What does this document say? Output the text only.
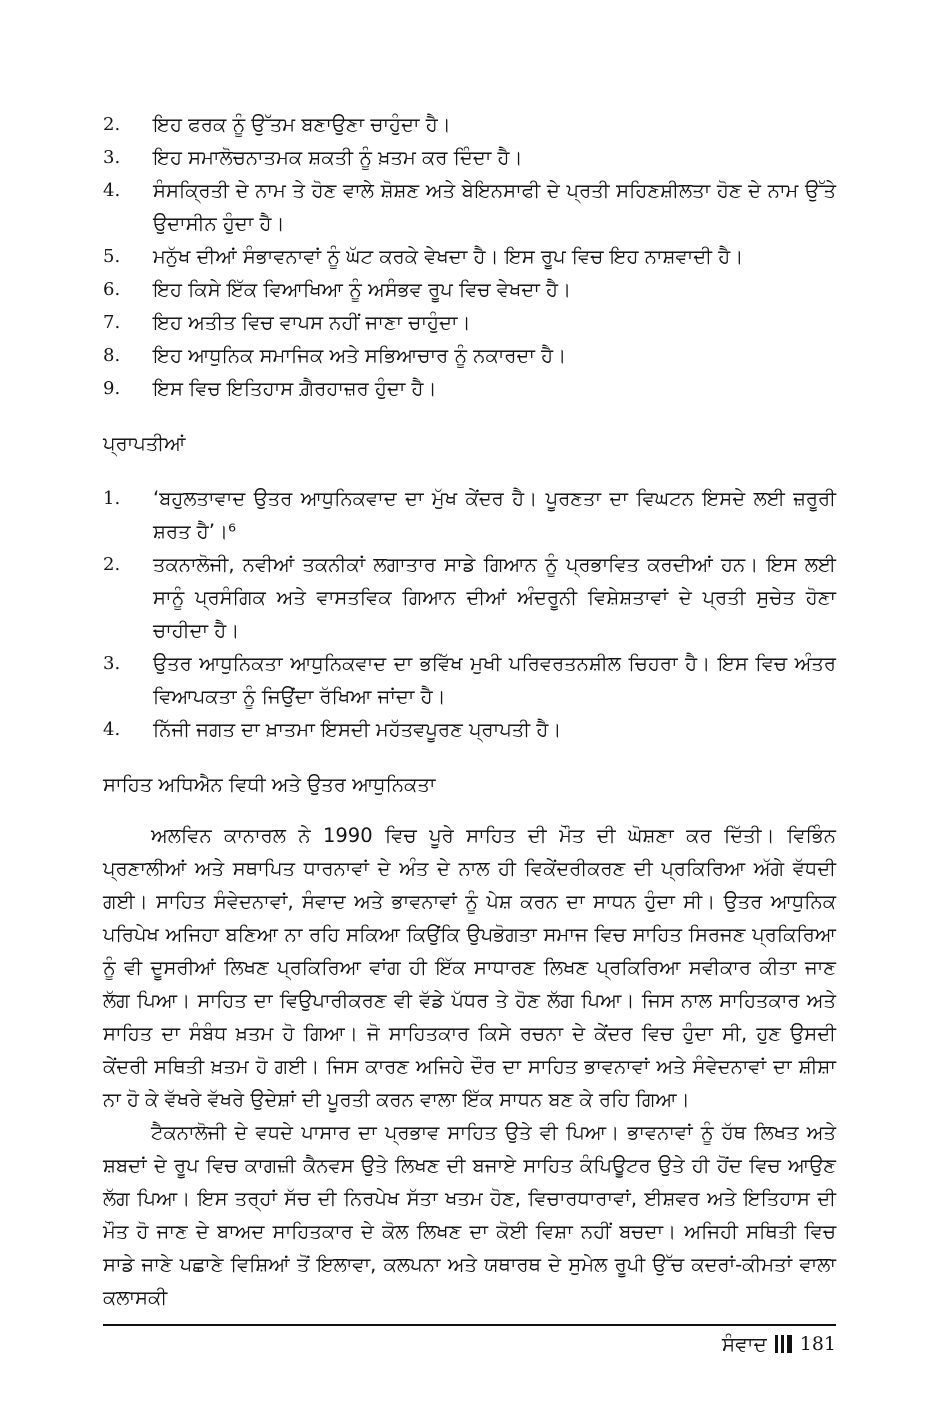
2.	ਇਹ ਫਰਕ ਨੂੰ ਉੱਤਮ ਬਣਾਉਣਾ ਚਾਹੁੰਦਾ ਹੈ।
3.	ਇਹ ਸਮਾਲੋਚਨਾਤਮਕ ਸ਼ਕਤੀ ਨੂੰ ਖ਼ਤਮ ਕਰ ਦਿੰਦਾ ਹੈ।
4.	ਸੰਸਕ੍ਰਿਤੀ ਦੇ ਨਾਮ ਤੇ ਹੋਣ ਵਾਲੇ ਸ਼ੋਸ਼ਣ ਅਤੇ ਬੇਇਨਸਾਫੀ ਦੇ ਪ੍ਰਤੀ ਸਹਿਣਸ਼ੀਲਤਾ ਹੋਣ ਦੇ ਨਾਮ ਉੱਤੇ ਉਦਾਸੀਨ ਹੁੰਦਾ ਹੈ।
5.	ਮਨੁੱਖ ਦੀਆਂ ਸੰਭਾਵਨਾਵਾਂ ਨੂੰ ਘੱਟ ਕਰਕੇ ਵੇਖਦਾ ਹੈ। ਇਸ ਰੂਪ ਵਿਚ ਇਹ ਨਾਸ਼ਵਾਦੀ ਹੈ।
6.	ਇਹ ਕਿਸੇ ਇੱਕ ਵਿਆਖਿਆ ਨੂੰ ਅਸੰਭਵ ਰੂਪ ਵਿਚ ਵੇਖਦਾ ਹੈ।
7.	ਇਹ ਅਤੀਤ ਵਿਚ ਵਾਪਸ ਨਹੀਂ ਜਾਣਾ ਚਾਹੁੰਦਾ।
8.	ਇਹ ਆਧੁਨਿਕ ਸਮਾਜਿਕ ਅਤੇ ਸਭਿਆਚਾਰ ਨੂੰ ਨਕਾਰਦਾ ਹੈ।
9.	ਇਸ ਵਿਚ ਇਤਿਹਾਸ ਗ਼ੈਰਹਾਜ਼ਰ ਹੁੰਦਾ ਹੈ।
ਪ੍ਰਾਪਤੀਆਂ
1.	‘ਬਹੁਲਤਾਵਾਦ ਉਤਰ ਆਧੁਨਿਕਵਾਦ ਦਾ ਮੁੱਖ ਕੇਂਦਰ ਹੈ। ਪੂਰਣਤਾ ਦਾ ਵਿਘਟਨ ਇਸਦੇ ਲਈ ਜ਼ਰੂਰੀ ਸ਼ਰਤ ਹੈ’।⁶
2.	ਤਕਨਾਲੋਜੀ, ਨਵੀਆਂ ਤਕਨੀਕਾਂ ਲਗਾਤਾਰ ਸਾਡੇ ਗਿਆਨ ਨੂੰ ਪ੍ਰਭਾਵਿਤ ਕਰਦੀਆਂ ਹਨ। ਇਸ ਲਈ ਸਾਨੂੰ ਪ੍ਰਸੰਗਿਕ ਅਤੇ ਵਾਸਤਵਿਕ ਗਿਆਨ ਦੀਆਂ ਅੰਦਰੂਨੀ ਵਿਸ਼ੇਸ਼ਤਾਵਾਂ ਦੇ ਪ੍ਰਤੀ ਸੁਚੇਤ ਹੋਣਾ ਚਾਹੀਦਾ ਹੈ।
3.	ਉਤਰ ਆਧੁਨਿਕਤਾ ਆਧੁਨਿਕਵਾਦ ਦਾ ਭਵਿੱਖ ਮੁਖੀ ਪਰਿਵਰਤਨਸ਼ੀਲ ਚਿਹਰਾ ਹੈ। ਇਸ ਵਿਚ ਅੰਤਰ ਵਿਆਪਕਤਾ ਨੂੰ ਜਿਉਂਦਾ ਰੱਖਿਆ ਜਾਂਦਾ ਹੈ।
4.	ਨਿੱਜੀ ਜਗਤ ਦਾ ਖ਼ਾਤਮਾ ਇਸਦੀ ਮਹੱਤਵਪੂਰਣ ਪ੍ਰਾਪਤੀ ਹੈ।
ਸਾਹਿਤ ਅਧਿਐਨ ਵਿਧੀ ਅਤੇ ਉਤਰ ਆਧੁਨਿਕਤਾ

ਅਲਵਿਨ ਕਾਨਾਰਲ ਨੇ 1990 ਵਿਚ ਪੂਰੇ ਸਾਹਿਤ ਦੀ ਮੌਤ ਦੀ ਘੋਸ਼ਣਾ ਕਰ ਦਿੱਤੀ। ਵਿਭਿੰਨ ਪ੍ਰਣਾਲੀਆਂ ਅਤੇ ਸਥਾਪਿਤ ਧਾਰਨਾਵਾਂ ਦੇ ਅੰਤ ਦੇ ਨਾਲ ਹੀ ਵਿਕੇਂਦਰੀਕਰਣ ਦੀ ਪ੍ਰਕਿਰਿਆ ਅੱਗੇ ਵੱਧਦੀ ਗਈ। ਸਾਹਿਤ ਸੰਵੇਦਨਾਵਾਂ, ਸੰਵਾਦ ਅਤੇ ਭਾਵਨਾਵਾਂ ਨੂੰ ਪੇਸ਼ ਕਰਨ ਦਾ ਸਾਧਨ ਹੁੰਦਾ ਸੀ। ਉਤਰ ਆਧੁਨਿਕ ਪਰਿਪੇਖ ਅਜਿਹਾ ਬਣਿਆ ਨਾ ਰਹਿ ਸਕਿਆ ਕਿਉਂਕਿ ਉਪਭੋਗਤਾ ਸਮਾਜ ਵਿਚ ਸਾਹਿਤ ਸਿਰਜਣ ਪ੍ਰਕਿਰਿਆ ਨੂੰ ਵੀ ਦੂਸਰੀਆਂ ਲਿਖਣ ਪ੍ਰਕਿਰਿਆ ਵਾਂਗ ਹੀ ਇੱਕ ਸਾਧਾਰਣ ਲਿਖਣ ਪ੍ਰਕਿਰਿਆ ਸਵੀਕਾਰ ਕੀਤਾ ਜਾਣ ਲੱਗ ਪਿਆ। ਸਾਹਿਤ ਦਾ ਵਿਉਪਾਰੀਕਰਣ ਵੀ ਵੱਡੇ ਪੱਧਰ ਤੇ ਹੋਣ ਲੱਗ ਪਿਆ। ਜਿਸ ਨਾਲ ਸਾਹਿਤਕਾਰ ਅਤੇ ਸਾਹਿਤ ਦਾ ਸੰਬੰਧ ਖ਼ਤਮ ਹੋ ਗਿਆ। ਜੋ ਸਾਹਿਤਕਾਰ ਕਿਸੇ ਰਚਨਾ ਦੇ ਕੇਂਦਰ ਵਿਚ ਹੁੰਦਾ ਸੀ, ਹੁਣ ਉਸਦੀ ਕੇਂਦਰੀ ਸਥਿਤੀ ਖ਼ਤਮ ਹੋ ਗਈ। ਜਿਸ ਕਾਰਣ ਅਜਿਹੇ ਦੌਰ ਦਾ ਸਾਹਿਤ ਭਾਵਨਾਵਾਂ ਅਤੇ ਸੰਵੇਦਨਾਵਾਂ ਦਾ ਸ਼ੀਸ਼ਾ ਨਾ ਹੋ ਕੇ ਵੱਖਰੇ ਵੱਖਰੇ ਉਦੇਸ਼ਾਂ ਦੀ ਪੂਰਤੀ ਕਰਨ ਵਾਲਾ ਇੱਕ ਸਾਧਨ ਬਣ ਕੇ ਰਹਿ ਗਿਆ।

ਟੈਕਨਾਲੋਜੀ ਦੇ ਵਧਦੇ ਪਾਸਾਰ ਦਾ ਪ੍ਰਭਾਵ ਸਾਹਿਤ ਉਤੇ ਵੀ ਪਿਆ। ਭਾਵਨਾਵਾਂ ਨੂੰ ਹੱਥ ਲਿਖਤ ਅਤੇ ਸ਼ਬਦਾਂ ਦੇ ਰੂਪ ਵਿਚ ਕਾਗਜ਼ੀ ਕੈਨਵਸ ਉਤੇ ਲਿਖਣ ਦੀ ਬਜਾਏ ਸਾਹਿਤ ਕੰਪਿਊਟਰ ਉਤੇ ਹੀ ਹੋਂਦ ਵਿਚ ਆਉਣ ਲੱਗ ਪਿਆ। ਇਸ ਤਰ੍ਹਾਂ ਸੱਚ ਦੀ ਨਿਰਪੇਖ ਸੱਤਾ ਖਤਮ ਹੋਣ, ਵਿਚਾਰਧਾਰਾਵਾਂ, ਈਸ਼ਵਰ ਅਤੇ ਇਤਿਹਾਸ ਦੀ ਮੌਤ ਹੋ ਜਾਣ ਦੇ ਬਾਅਦ ਸਾਹਿਤਕਾਰ ਦੇ ਕੋਲ ਲਿਖਣ ਦਾ ਕੋਈ ਵਿਸ਼ਾ ਨਹੀਂ ਬਚਦਾ। ਅਜਿਹੀ ਸਥਿਤੀ ਵਿਚ ਸਾਡੇ ਜਾਣੇ ਪਛਾਣੇ ਵਿਸ਼ਿਆਂ ਤੋਂ ਇਲਾਵਾ, ਕਲਪਨਾ ਅਤੇ ਯਥਾਰਥ ਦੇ ਸੁਮੇਲ ਰੂਪੀ ਉੱਚ ਕਦਰਾਂ-ਕੀਮਤਾਂ ਵਾਲਾ ਕਲਾਸਕੀ

ਸੰਵਾਦ 181
